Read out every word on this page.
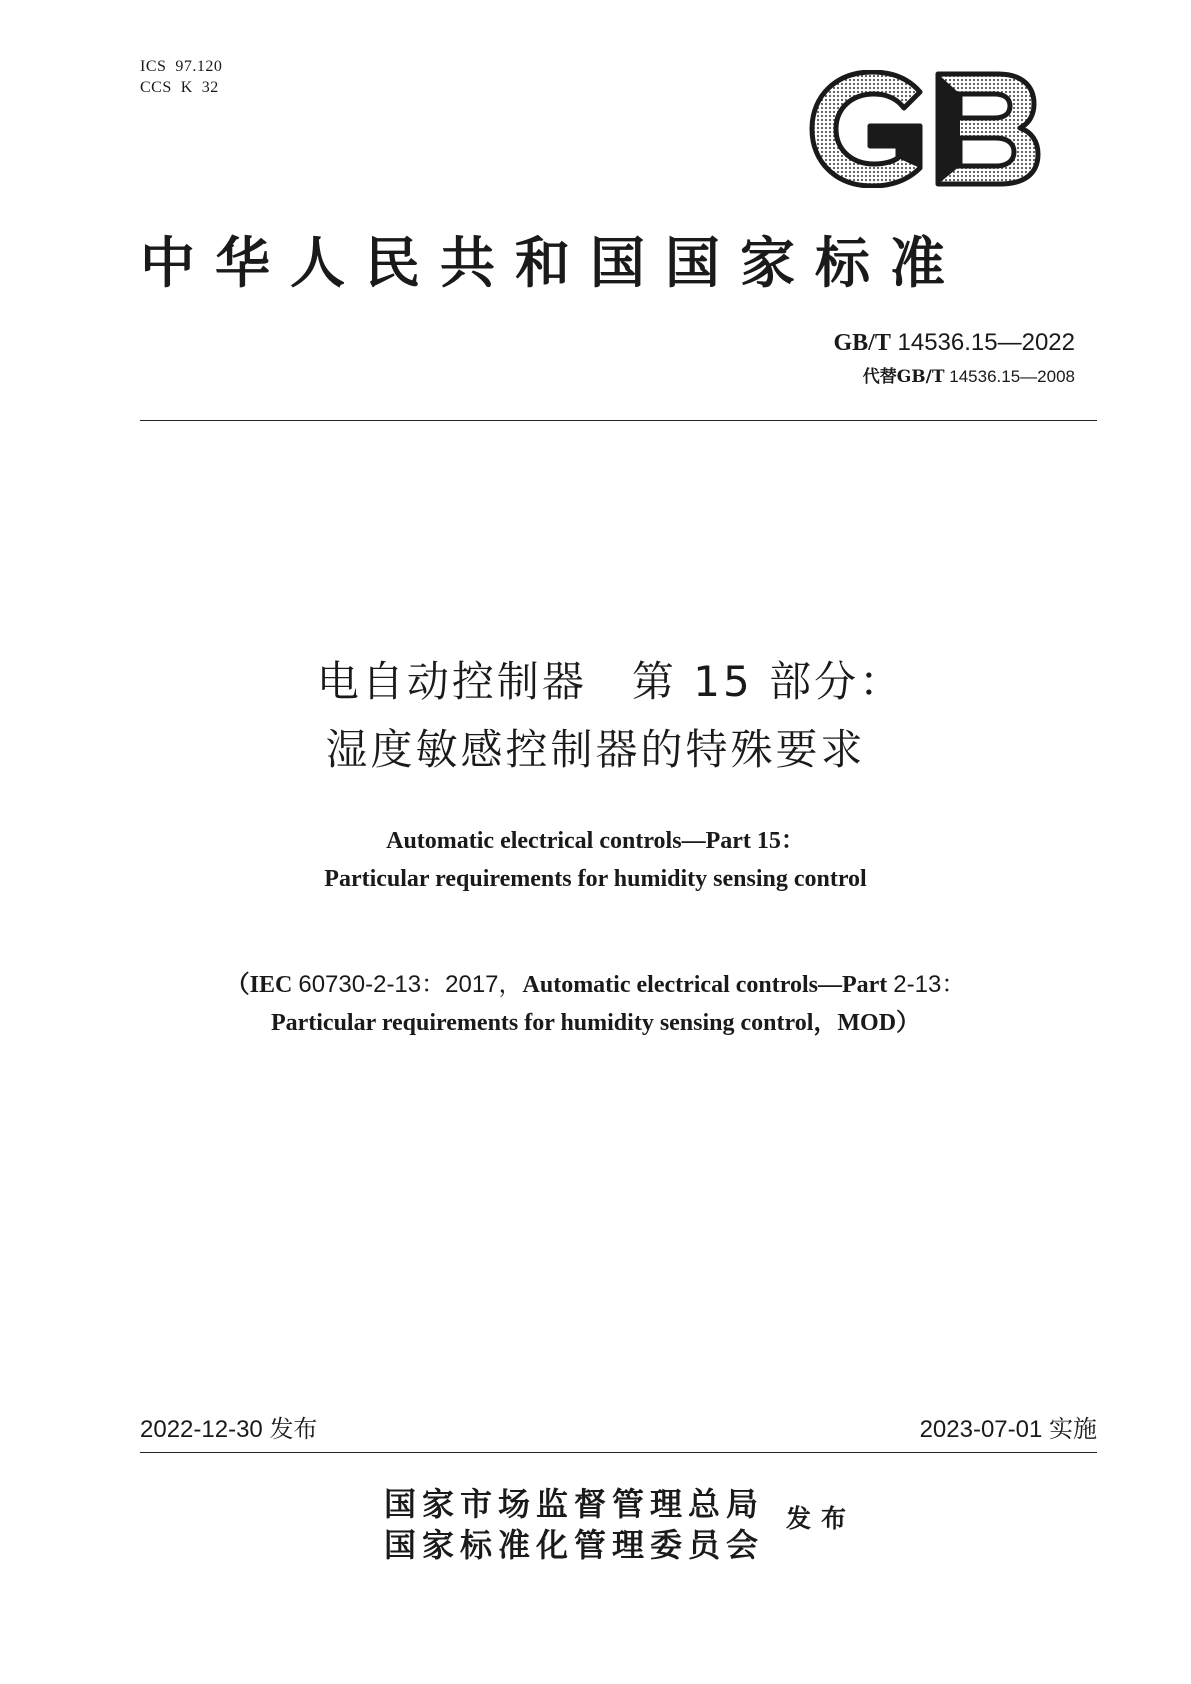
ICS  97.120
CCS  K  32
中华人民共和国国家标准
GB/T 14536.15—2022
代替GB/T 14536.15—2008
电自动控制器　第 15 部分：
湿度敏感控制器的特殊要求
Automatic electrical controls—Part 15：
Particular requirements for humidity sensing control
（IEC 60730-2-13：2017，Automatic electrical controls—Part 2-13：
Particular requirements for humidity sensing control，MOD）
2022-12-30 发布	2023-07-01 实施
国家市场监督管理总局
国家标准化管理委员会
发布
